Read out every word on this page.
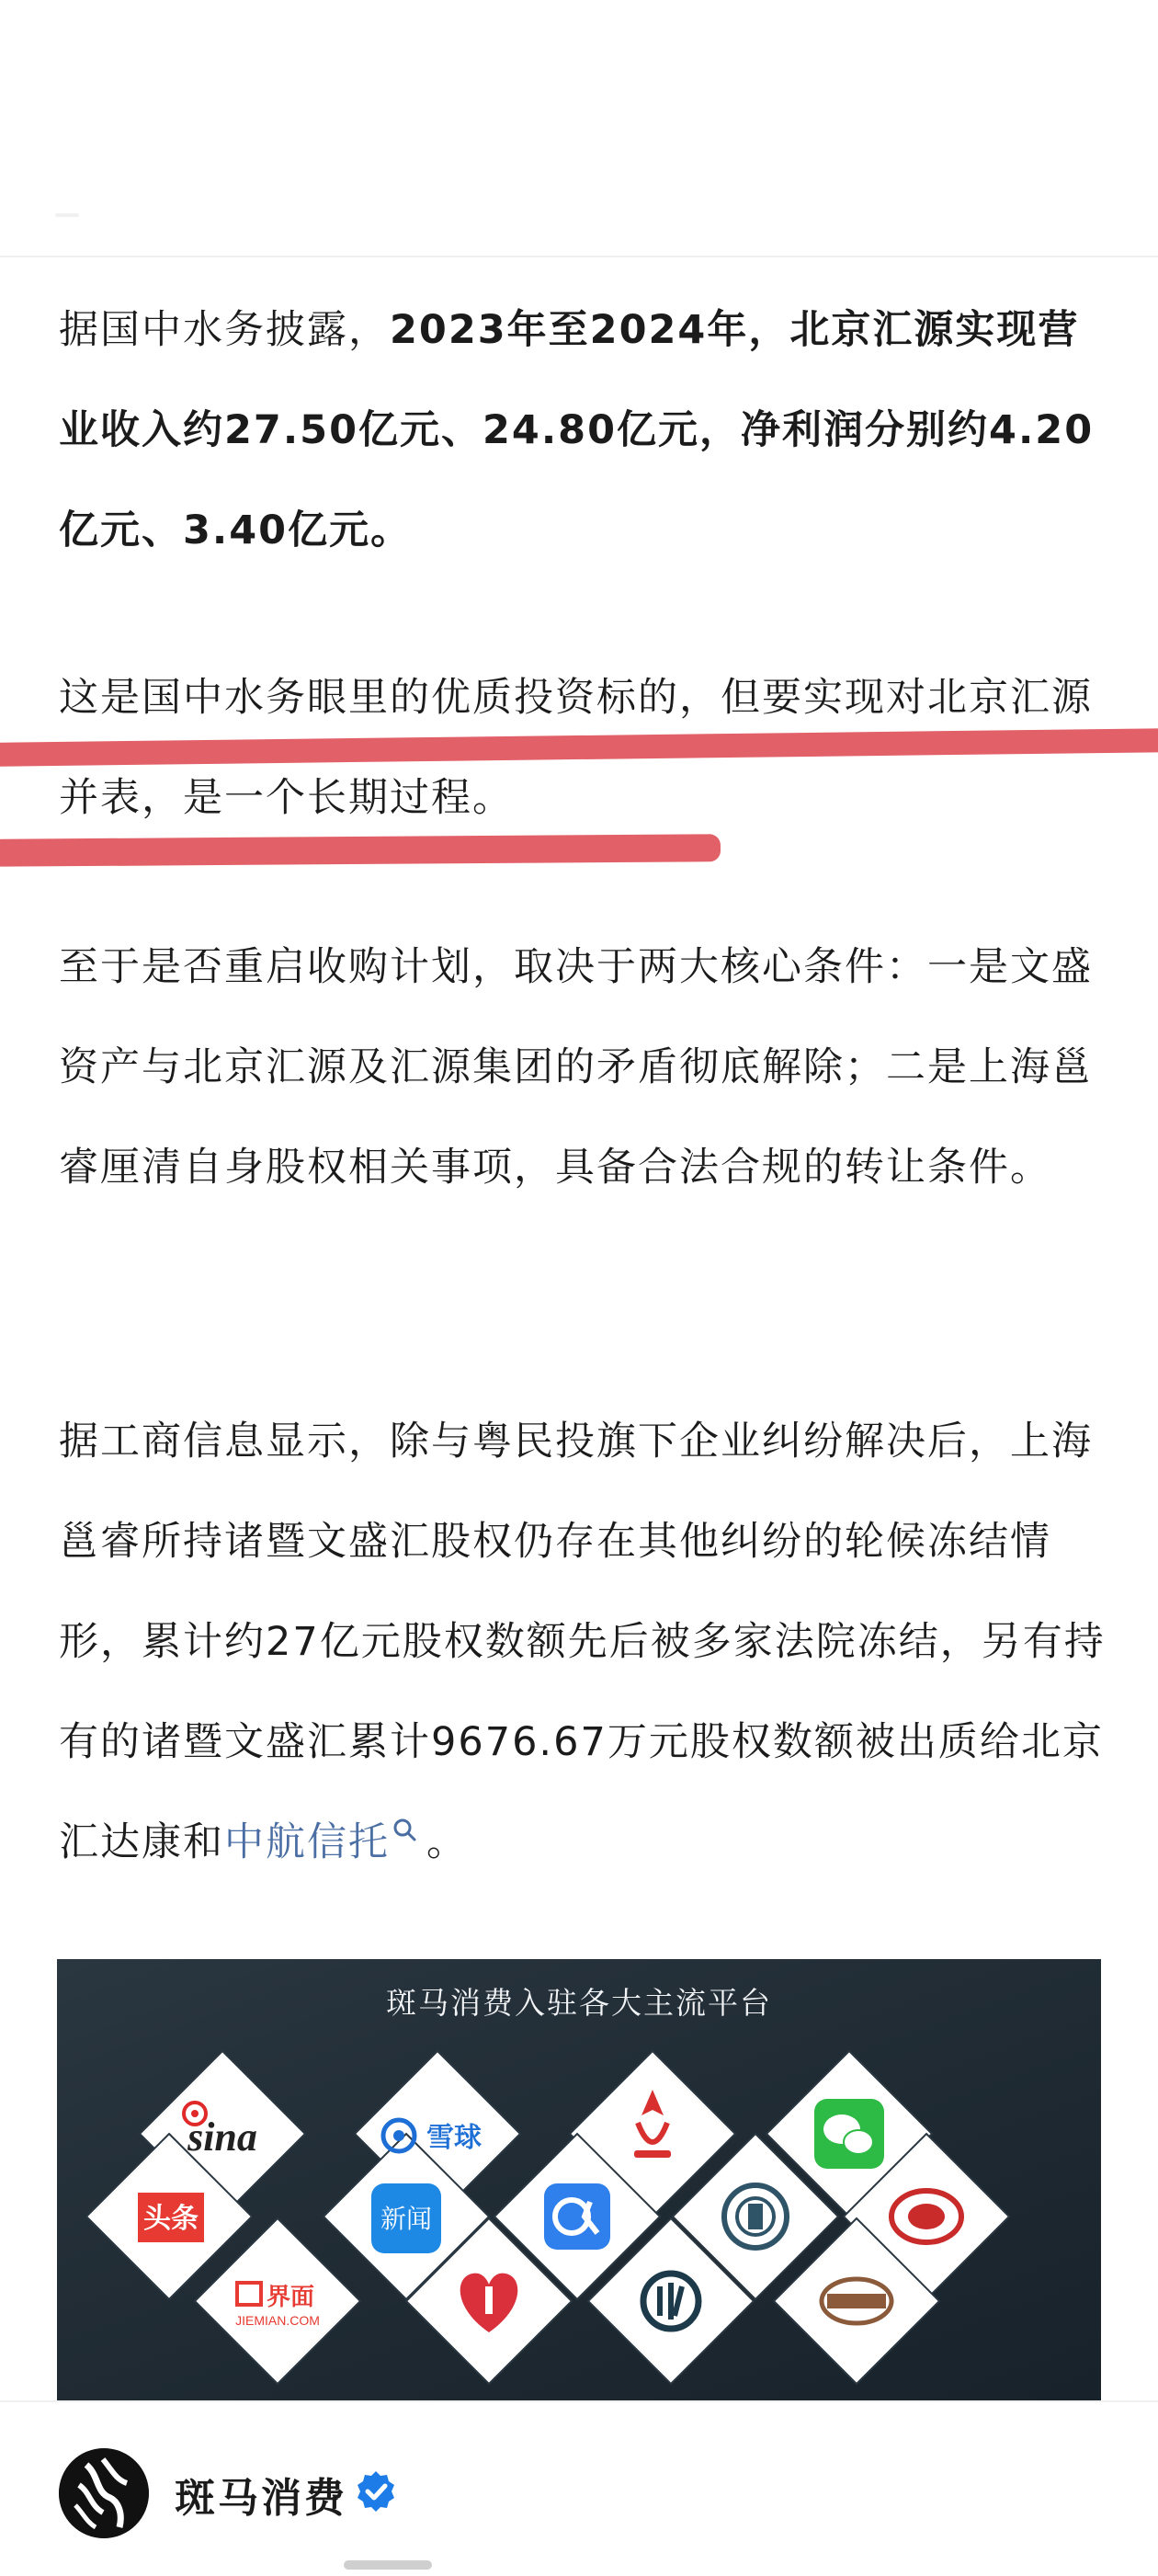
据国中水务披露，2023年至2024年，北京汇源实现营业收入约27.50亿元、24.80亿元，净利润分别约4.20亿元、3.40亿元。

这是国中水务眼里的优质投资标的，但要实现对北京汇源并表，是一个长期过程。

至于是否重启收购计划，取决于两大核心条件：一是文盛资产与北京汇源及汇源集团的矛盾彻底解除；二是上海邕睿厘清自身股权相关事项，具备合法合规的转让条件。

据工商信息显示，除与粤民投旗下企业纠纷解决后，上海邕睿所持诸暨文盛汇股权仍存在其他纠纷的轮候冻结情形，累计约27亿元股权数额先后被多家法院冻结，另有持有的诸暨文盛汇累计9676.67万元股权数额被出质给北京汇达康和中航信托 。

斑马消费入驻各大主流平台
sina	雪球
头条	新闻
界面
JIEMIAN.COM
斑马消费
